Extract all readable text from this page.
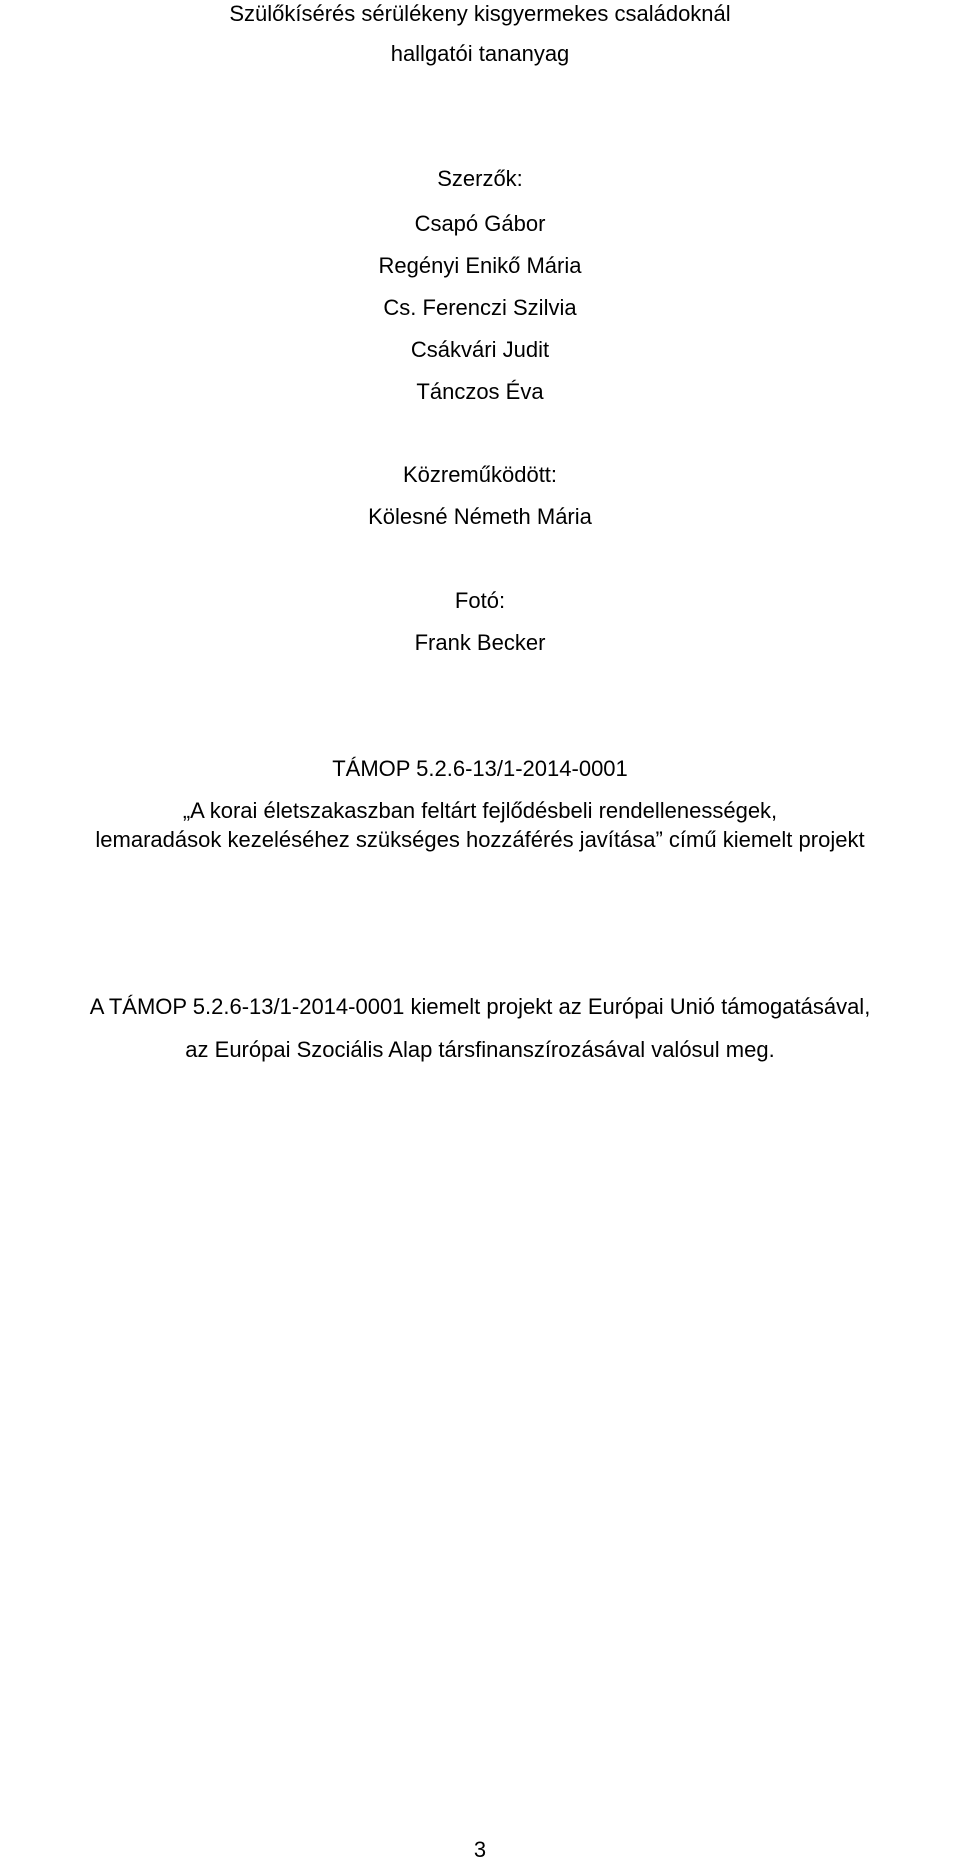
Szülőkísérés sérülékeny kisgyermekes családoknál
hallgatói tananyag
Szerzők:
Csapó Gábor
Regényi Enikő Mária
Cs. Ferenczi Szilvia
Csákvári Judit
Tánczos Éva
Közreműködött:
Kölesné Németh Mária
Fotó:
Frank Becker
TÁMOP 5.2.6-13/1-2014-0001
„A korai életszakaszban feltárt fejlődésbeli rendellenességek,
lemaradások kezeléséhez szükséges hozzáférés javítása” című kiemelt projekt
A TÁMOP 5.2.6-13/1-2014-0001 kiemelt projekt az Európai Unió támogatásával,
az Európai Szociális Alap társfinanszírozásával valósul meg.
3
